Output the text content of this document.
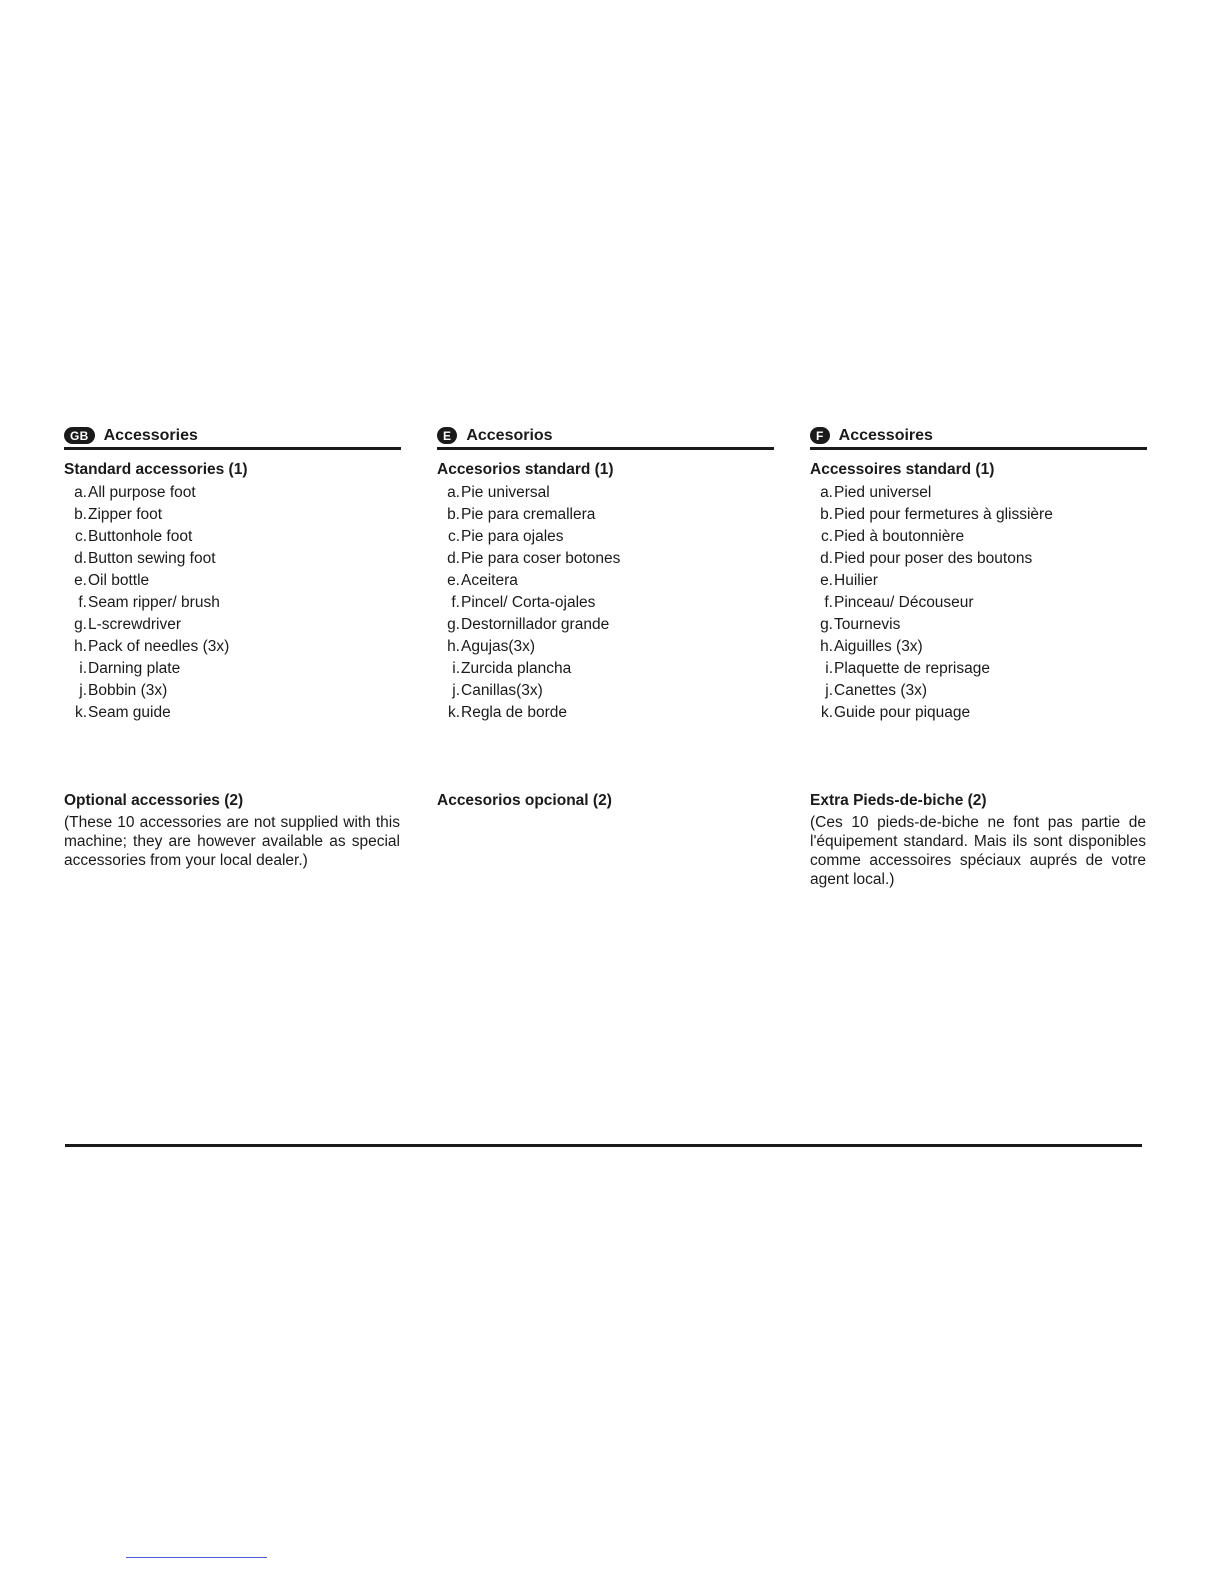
GB Accessories
Standard accessories (1)
a. All purpose foot
b. Zipper foot
c. Buttonhole foot
d. Button sewing foot
e. Oil bottle
f. Seam ripper/ brush
g. L-screwdriver
h. Pack of needles (3x)
i. Darning plate
j. Bobbin (3x)
k. Seam guide
Optional accessories (2)

(These 10 accessories are not supplied with this machine; they are however available as special accessories from your local dealer.)

E Accesorios
Accesorios standard (1)
a. Pie universal
b. Pie para cremallera
c. Pie para ojales
d. Pie para coser botones
e. Aceitera
f. Pincel/ Corta-ojales
g. Destornillador grande
h. Agujas(3x)
i. Zurcida plancha
j. Canillas(3x)
k. Regla de borde
Accesorios opcional (2)

F Accessoires
Accessoires standard (1)
a. Pied universel
b. Pied pour fermetures à glissière
c. Pied à boutonnière
d. Pied pour poser des boutons
e. Huilier
f. Pinceau/ Découseur
g. Tournevis
h. Aiguilles (3x)
i. Plaquette de reprisage
j. Canettes (3x)
k. Guide pour piquage
Extra Pieds-de-biche (2)

(Ces 10 pieds-de-biche ne font pas partie de l'équipement standard. Mais ils sont disponibles comme accessoires spéciaux auprés de votre agent local.)
